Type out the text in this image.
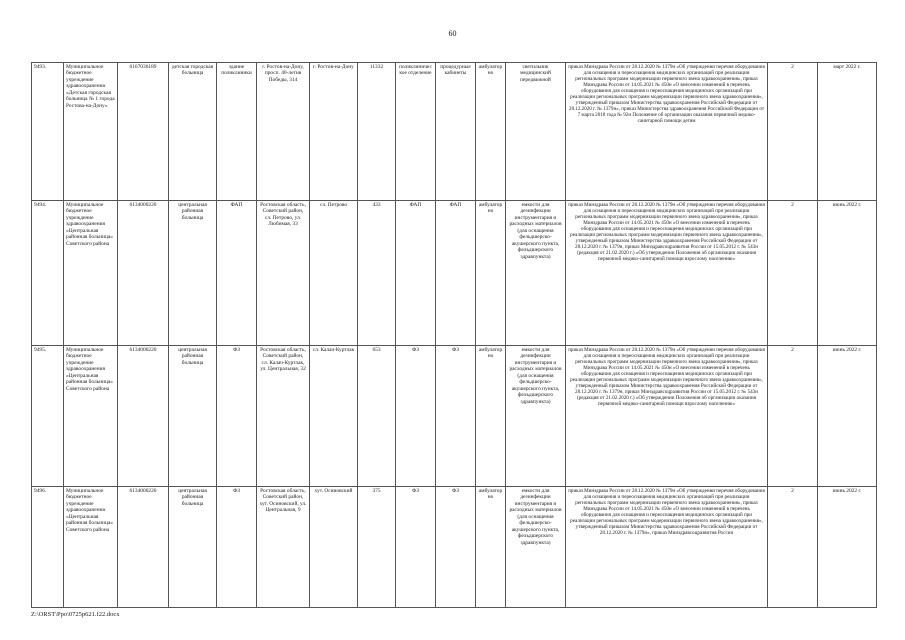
60
9493.	Муниципальное бюджетное учреждение здравоохранения «Детская городская больница № 1 города Ростова-на-Дону»	6167036189	детская городская больница	здание поликлиники	г. Ростов-на-Дону, просп. 40-летия Победы, 314	г. Ростов-на-Дону	11332	поликлиническое отделение	процедурные кабинеты	амбулаторно	светильник медицинский передвижной	приказ Минздрава России от 28.12.2020 № 1379н «Об утверждении перечня оборудования для оснащения и переоснащения медицинских организаций при реализации региональных программ модернизации первичного звена здравоохранения», приказ Минздрава России от 14.05.2021 № 450н «О внесении изменений в перечень оборудования для оснащения и переоснащения медицинских организаций при реализации региональных программ модернизации первичного звена здравоохранения», утвержденный приказом Министерства здравоохранения Российской Федерации от 28.12.2020 г. № 1379н», приказ Министерства здравоохранения Российской Федерации от 7 марта 2018 года № 92н Положение об организации оказания первичной медико-санитарной помощи детям	2	март 2022 г.
9494.	Муниципальное бюджетное учреждение здравоохранения «Центральная районная больница» Советского района	6134000220	центральная районная больница	ФАП	Ростовская область, Советский район, сл. Петрово, ул. Любимая, 33	сл. Петрово	433	ФАП	ФАП	амбулаторно	емкости для дезинфекции инструментария и расходных материалов (для оснащения фельдшерско-акушерского пункта, фельдшерского здравпункта)	приказ Минздрава России от 28.12.2020 № 1379н «Об утверждении перечня оборудования для оснащения и переоснащения медицинских организаций при реализации региональных программ модернизации первичного звена здравоохранения», приказ Минздрава России от 14.05.2021 № 450н «О внесении изменений в перечень оборудования для оснащения и переоснащения медицинских организаций при реализации региональных программ модернизации первичного звена здравоохранения», утвержденный приказом Министерства здравоохранения Российской Федерации от 28.12.2020 г. № 1379н, приказ Минздравсоцразвития России от 15.05.2012 г. № 543н (редакция от 21.02.2020 г.) «Об утверждении Положения об организации оказания первичной медико-санитарной помощи взрослому населению»	2	июнь 2022 г.
9495.	Муниципальное бюджетное учреждение здравоохранения «Центральная районная больница» Советского района	6134000220	центральная районная больница	ФЗ	Ростовская область, Советский район, сл. Калач-Куртлак, ул. Центральная, 32	сл. Калач-Куртлак	653	ФЗ	ФЗ	амбулаторно	емкости для дезинфекции инструментария и расходных материалов (для оснащения фельдшерско-акушерского пункта, фельдшерского здравпункта)	приказ Минздрава России от 28.12.2020 № 1379н «Об утверждении перечня оборудования для оснащения и переоснащения медицинских организаций при реализации региональных программ модернизации первичного звена здравоохранения», приказ Минздрава России от 14.05.2021 № 450н «О внесении изменений в перечень оборудования для оснащения и переоснащения медицинских организаций при реализации региональных программ модернизации первичного звена здравоохранения», утвержденный приказом Министерства здравоохранения Российской Федерации от 28.12.2020 г. № 1379н, приказ Минздравсоцразвития России от 15.05.2012 г. № 543н (редакция от 21.02.2020 г.) «Об утверждении Положения об организации оказания первичной медико-санитарной помощи взрослому населению»	2	июнь 2022 г.
9496.	Муниципальное бюджетное учреждение здравоохранения «Центральная районная больница» Советского района	6134000220	центральная районная больница	ФЗ	Ростовская область, Советский район, хут. Осиновский, ул. Центральная, 9	хут. Осиновский	375	ФЗ	ФЗ	амбулаторно	емкости для дезинфекции инструментария и расходных материалов (для оснащения фельдшерско-акушерского пункта, фельдшерского здравпункта)	приказ Минздрава России от 28.12.2020 № 1379н «Об утверждении перечня оборудования для оснащения и переоснащения медицинских организаций при реализации региональных программ модернизации первичного звена здравоохранения», приказ Минздрава России от 14.05.2021 № 450н «О внесении изменений в перечень оборудования для оснащения и переоснащения медицинских организаций при реализации региональных программ модернизации первичного звена здравоохранения», утвержденный приказом Министерства здравоохранения Российской Федерации от 28.12.2020 г. № 1379н», приказ Минздравсоцразвития России	2	июнь 2022 г.
Z:\ORST\Ppo\0725p621.f22.docx
